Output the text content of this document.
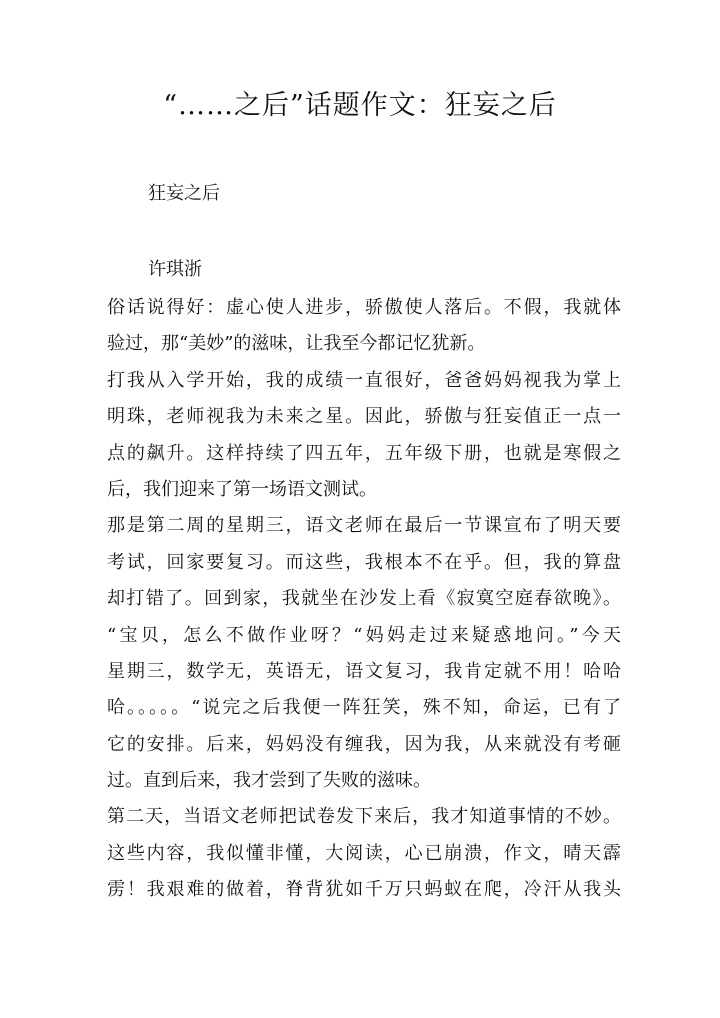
“……之后”话题作文：狂妄之后
狂妄之后
许琪浙
俗话说得好：虚心使人进步，骄傲使人落后。不假，我就体
验过，那“美妙”的滋味，让我至今都记忆犹新。
打我从入学开始，我的成绩一直很好，爸爸妈妈视我为掌上
明珠，老师视我为未来之星。因此，骄傲与狂妄值正一点一
点的飙升。这样持续了四五年，五年级下册，也就是寒假之
后，我们迎来了第一场语文测试。
那是第二周的星期三，语文老师在最后一节课宣布了明天要
考试，回家要复习。而这些，我根本不在乎。但，我的算盘
却打错了。回到家，我就坐在沙发上看《寂寞空庭春欲晚》。
“宝贝，怎么不做作业呀？“妈妈走过来疑惑地问。”今天
星期三，数学无，英语无，语文复习，我肯定就不用！哈哈
哈。。。。。“说完之后我便一阵狂笑，殊不知，命运，已有了
它的安排。后来，妈妈没有缠我，因为我，从来就没有考砸
过。直到后来，我才尝到了失败的滋味。
第二天，当语文老师把试卷发下来后，我才知道事情的不妙。
这些内容，我似懂非懂，大阅读，心已崩溃，作文，晴天霹
雳！我艰难的做着，脊背犹如千万只蚂蚁在爬，冷汗从我头
